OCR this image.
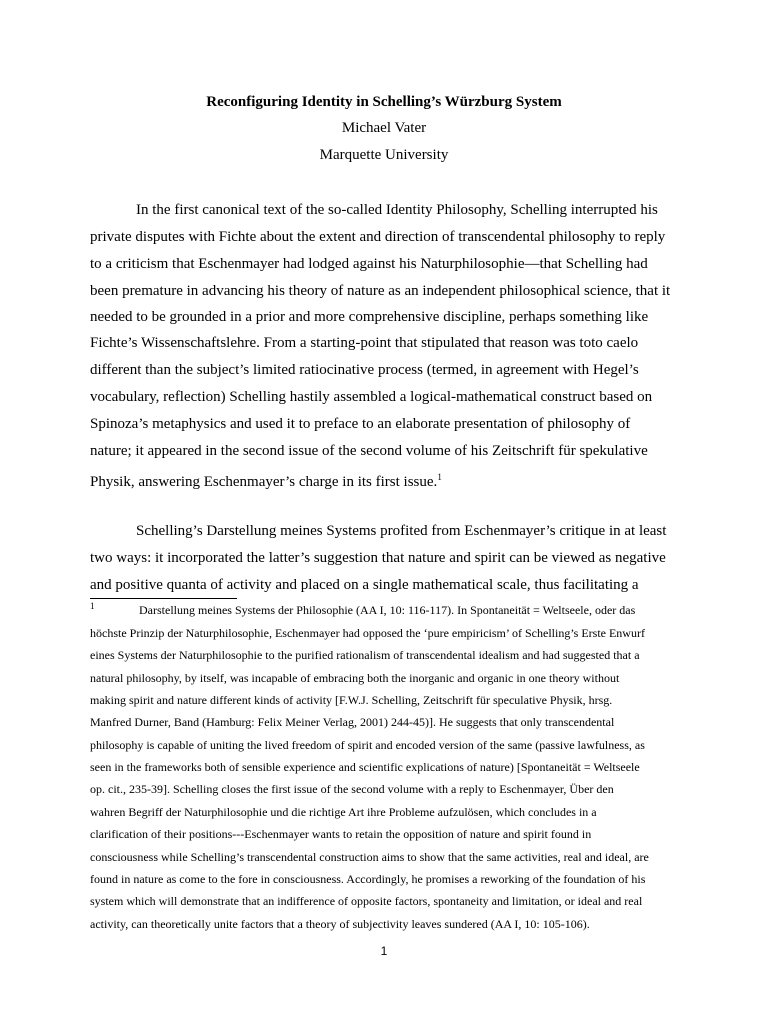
Reconfiguring Identity in Schelling’s Würzburg System
Michael Vater
Marquette University
In the first canonical text of the so-called Identity Philosophy, Schelling interrupted his
private disputes with Fichte about the extent and direction of transcendental philosophy to reply
to a criticism that Eschenmayer had lodged against his Naturphilosophie—that Schelling had
been premature in advancing his theory of nature as an independent philosophical science, that it
needed to be grounded in a prior and more comprehensive discipline, perhaps something like
Fichte’s Wissenschaftslehre. From a starting-point that stipulated that reason was toto caelo
different than the subject’s limited ratiocinative process (termed, in agreement with Hegel’s
vocabulary, reflection) Schelling hastily assembled a logical-mathematical construct based on
Spinoza’s metaphysics and used it to preface to an elaborate presentation of philosophy of
nature; it appeared in the second issue of the second volume of his Zeitschrift für spekulative
Physik, answering Eschenmayer’s charge in its first issue.$^1$
Schelling’s Darstellung meines Systems profited from Eschenmayer’s critique in at least
two ways: it incorporated the latter’s suggestion that nature and spirit can be viewed as negative
and positive quanta of activity and placed on a single mathematical scale, thus facilitating a
1	Darstellung meines Systems der Philosophie (AA I, 10: 116-117). In Spontaneität = Weltseele, oder das
höchste Prinzip der Naturphilosophie, Eschenmayer had opposed the ‘pure empiricism’ of Schelling’s Erste Enwurf
eines Systems der Naturphilosophie to the purified rationalism of transcendental idealism and had suggested that a
natural philosophy, by itself, was incapable of embracing both the inorganic and organic in one theory without
making spirit and nature different kinds of activity [F.W.J. Schelling, Zeitschrift für speculative Physik, hrsg.
Manfred Durner, Band (Hamburg: Felix Meiner Verlag, 2001) 244-45)]. He suggests that only transcendental
philosophy is capable of uniting the lived freedom of spirit and encoded version of the same (passive lawfulness, as
seen in the frameworks both of sensible experience and scientific explications of nature) [Spontaneität = Weltseele
op. cit., 235-39]. Schelling closes the first issue of the second volume with a reply to Eschenmayer, Über den
wahren Begriff der Naturphilosophie und die richtige Art ihre Probleme aufzulösen, which concludes in a
clarification of their positions---Eschenmayer wants to retain the opposition of nature and spirit found in
consciousness while Schelling’s transcendental construction aims to show that the same activities, real and ideal, are
found in nature as come to the fore in consciousness. Accordingly, he promises a reworking of the foundation of his
system which will demonstrate that an indifference of opposite factors, spontaneity and limitation, or ideal and real
activity, can theoretically unite factors that a theory of subjectivity leaves sundered (AA I, 10: 105-106).
1
